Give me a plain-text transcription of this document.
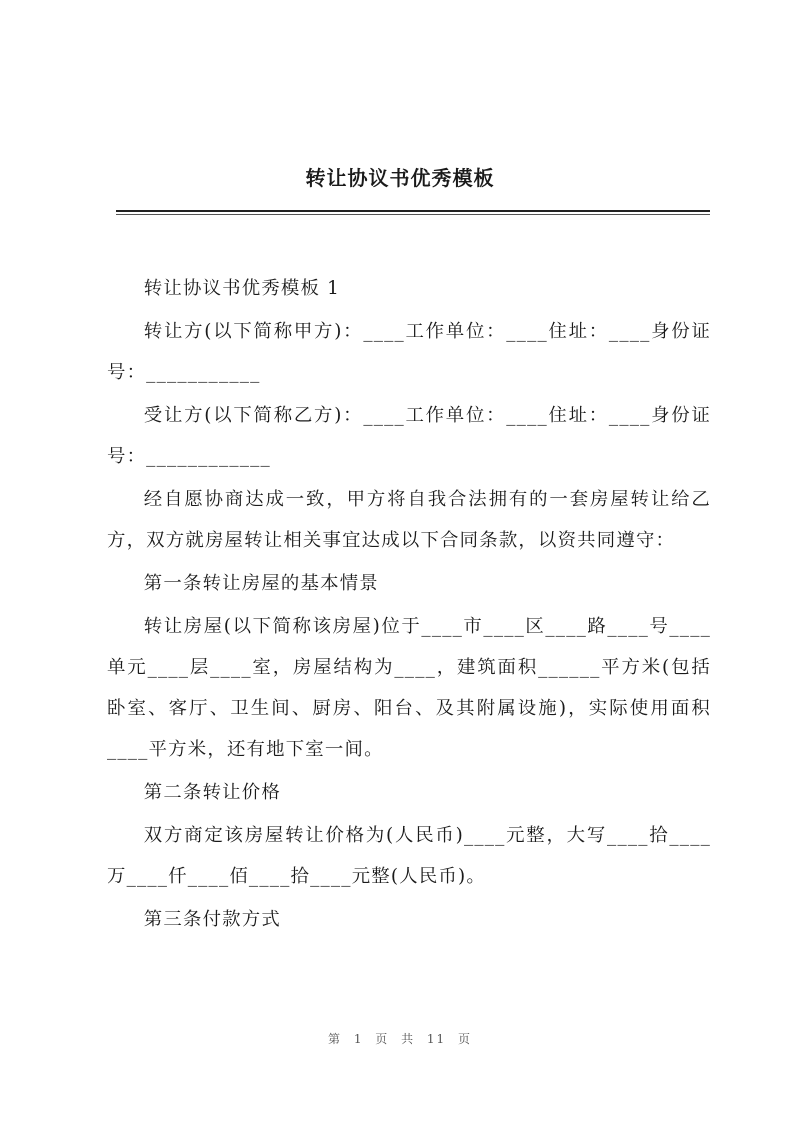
转让协议书优秀模板

转让协议书优秀模板 1

转让方(以下简称甲方)：____工作单位：____住址：____身份证号：___________

受让方(以下简称乙方)：____工作单位：____住址：____身份证号：____________

经自愿协商达成一致，甲方将自我合法拥有的一套房屋转让给乙方，双方就房屋转让相关事宜达成以下合同条款，以资共同遵守：

第一条转让房屋的基本情景

转让房屋(以下简称该房屋)位于____市____区____路____号____单元____层____室，房屋结构为____，建筑面积______平方米(包括卧室、客厅、卫生间、厨房、阳台、及其附属设施)，实际使用面积____平方米，还有地下室一间。

第二条转让价格

双方商定该房屋转让价格为(人民币)____元整，大写____拾____万____仟____佰____拾____元整(人民币)。

第三条付款方式

第 1 页 共 11 页
